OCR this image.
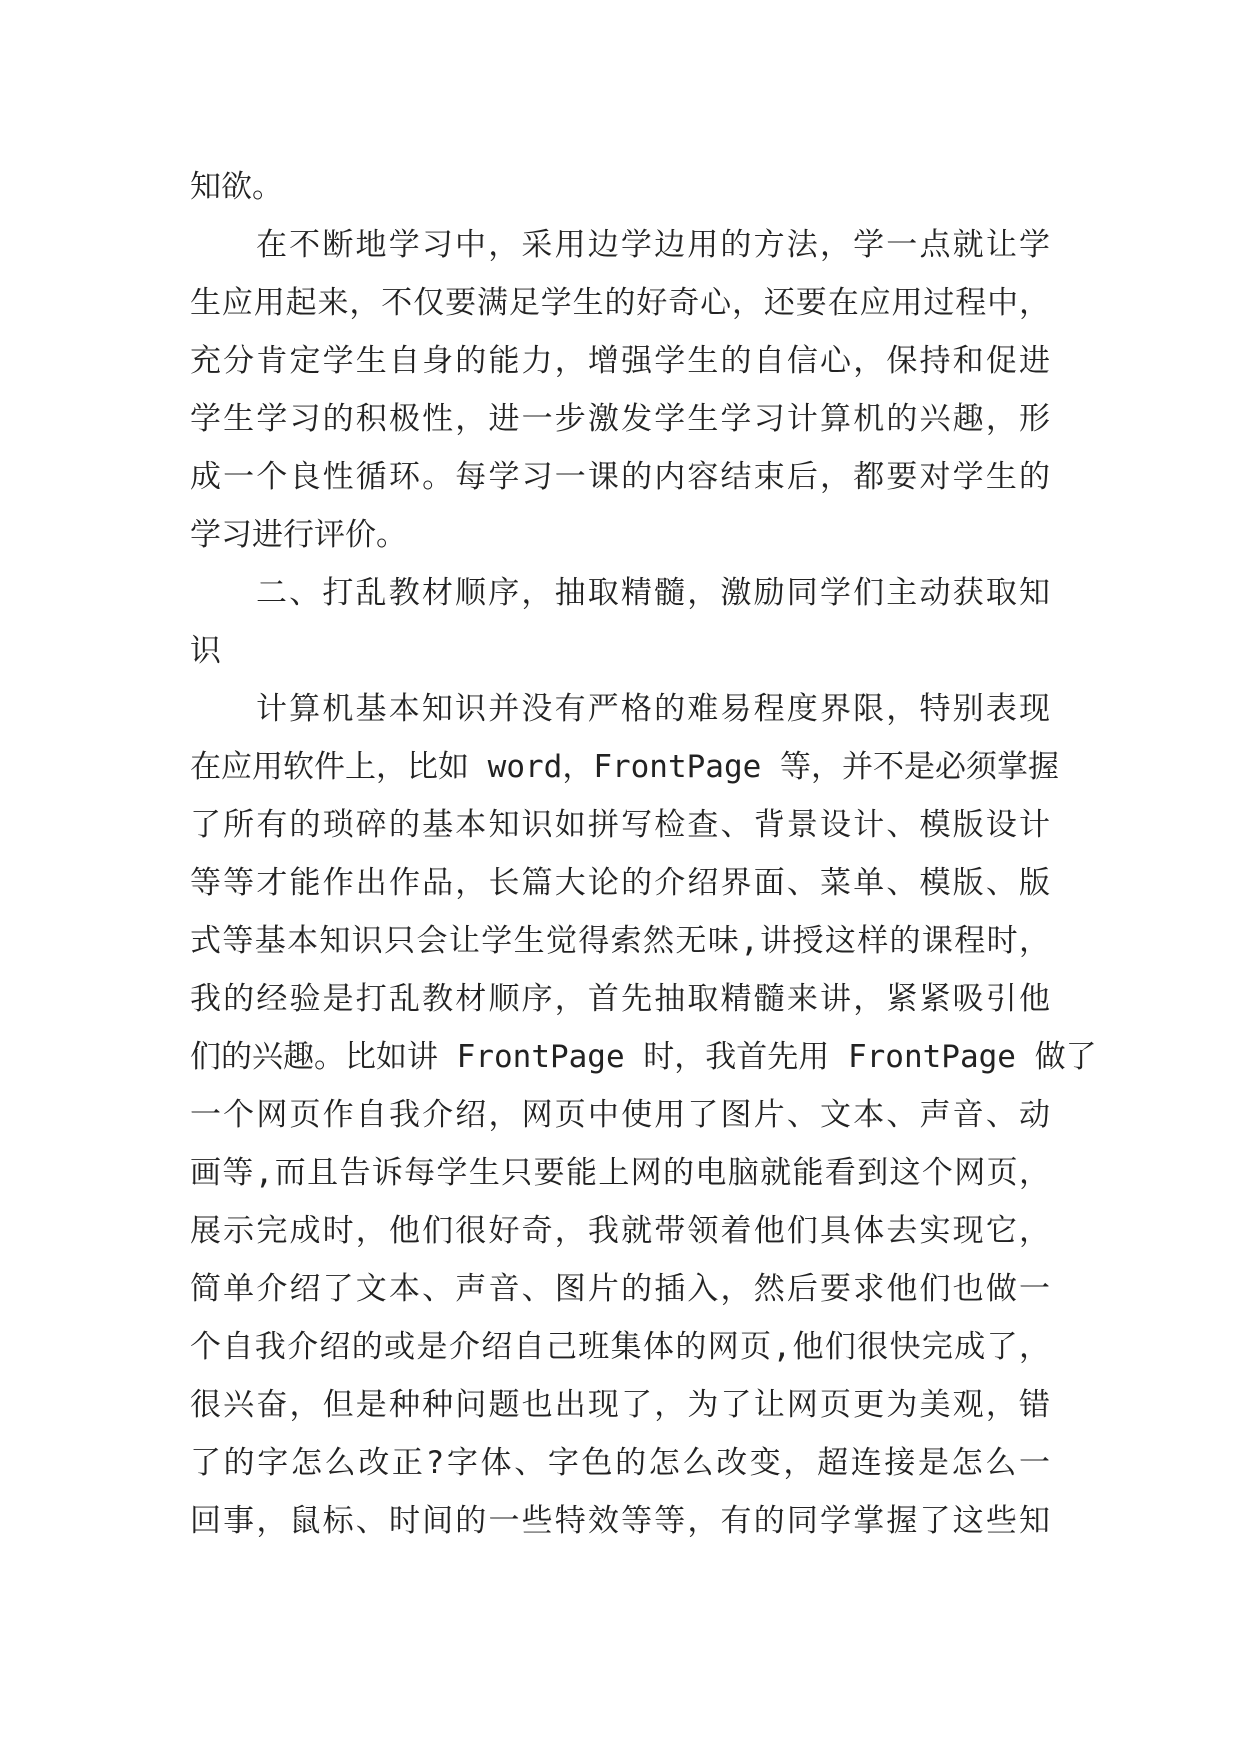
知欲。
在不断地学习中，采用边学边用的方法，学一点就让学
生应用起来，不仅要满足学生的好奇心，还要在应用过程中，
充分肯定学生自身的能力，增强学生的自信心，保持和促进
学生学习的积极性，进一步激发学生学习计算机的兴趣，形
成一个良性循环。每学习一课的内容结束后，都要对学生的
学习进行评价。
二、打乱教材顺序，抽取精髓，激励同学们主动获取知
识
计算机基本知识并没有严格的难易程度界限，特别表现
在应用软件上，比如 word，FrontPage 等，并不是必须掌握
了所有的琐碎的基本知识如拼写检查、背景设计、模版设计
等等才能作出作品，长篇大论的介绍界面、菜单、模版、版
式等基本知识只会让学生觉得索然无味,讲授这样的课程时，
我的经验是打乱教材顺序，首先抽取精髓来讲，紧紧吸引他
们的兴趣。比如讲 FrontPage 时，我首先用 FrontPage 做了
一个网页作自我介绍，网页中使用了图片、文本、声音、动
画等,而且告诉每学生只要能上网的电脑就能看到这个网页，
展示完成时，他们很好奇，我就带领着他们具体去实现它，
简单介绍了文本、声音、图片的插入，然后要求他们也做一
个自我介绍的或是介绍自己班集体的网页,他们很快完成了，
很兴奋，但是种种问题也出现了，为了让网页更为美观，错
了的字怎么改正?字体、字色的怎么改变，超连接是怎么一
回事，鼠标、时间的一些特效等等，有的同学掌握了这些知
